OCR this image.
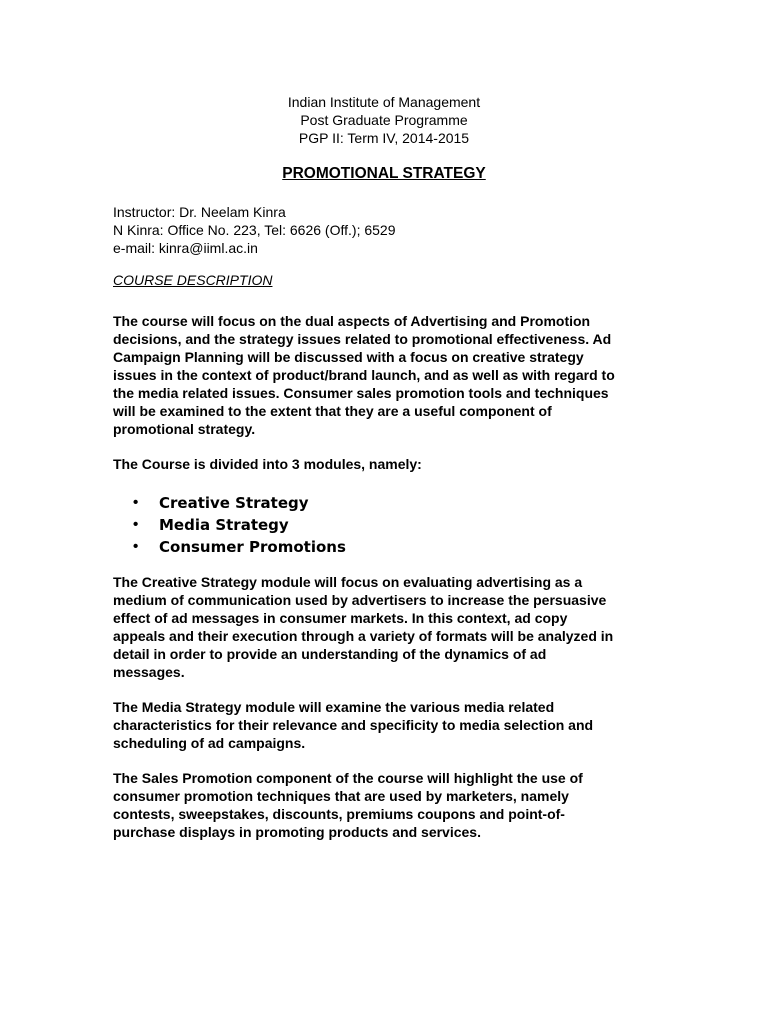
Indian Institute of Management
Post Graduate Programme
PGP II: Term IV, 2014-2015
PROMOTIONAL STRATEGY
Instructor: Dr. Neelam Kinra
N Kinra: Office No. 223, Tel: 6626 (Off.); 6529
e-mail: kinra@iiml.ac.in
COURSE DESCRIPTION
The course will focus on the dual aspects of Advertising and Promotion
decisions, and the strategy issues related to promotional effectiveness. Ad
Campaign Planning will be discussed with a focus on creative strategy
issues in the context of product/brand launch, and as well as with regard to
the media related issues. Consumer sales promotion tools and techniques
will be examined to the extent that they are a useful component of
promotional strategy.
The Course is divided into 3 modules, namely:
• Creative Strategy
• Media Strategy
• Consumer Promotions
The Creative Strategy module will focus on evaluating advertising as a
medium of communication used by advertisers to increase the persuasive
effect of ad messages in consumer markets. In this context, ad copy
appeals and their execution through a variety of formats will be analyzed in
detail in order to provide an understanding of the dynamics of ad
messages.
The Media Strategy module will examine the various media related
characteristics for their relevance and specificity to media selection and
scheduling of ad campaigns.
The Sales Promotion component of the course will highlight the use of
consumer promotion techniques that are used by marketers, namely
contests, sweepstakes, discounts, premiums coupons and point-of-
purchase displays in promoting products and services.
